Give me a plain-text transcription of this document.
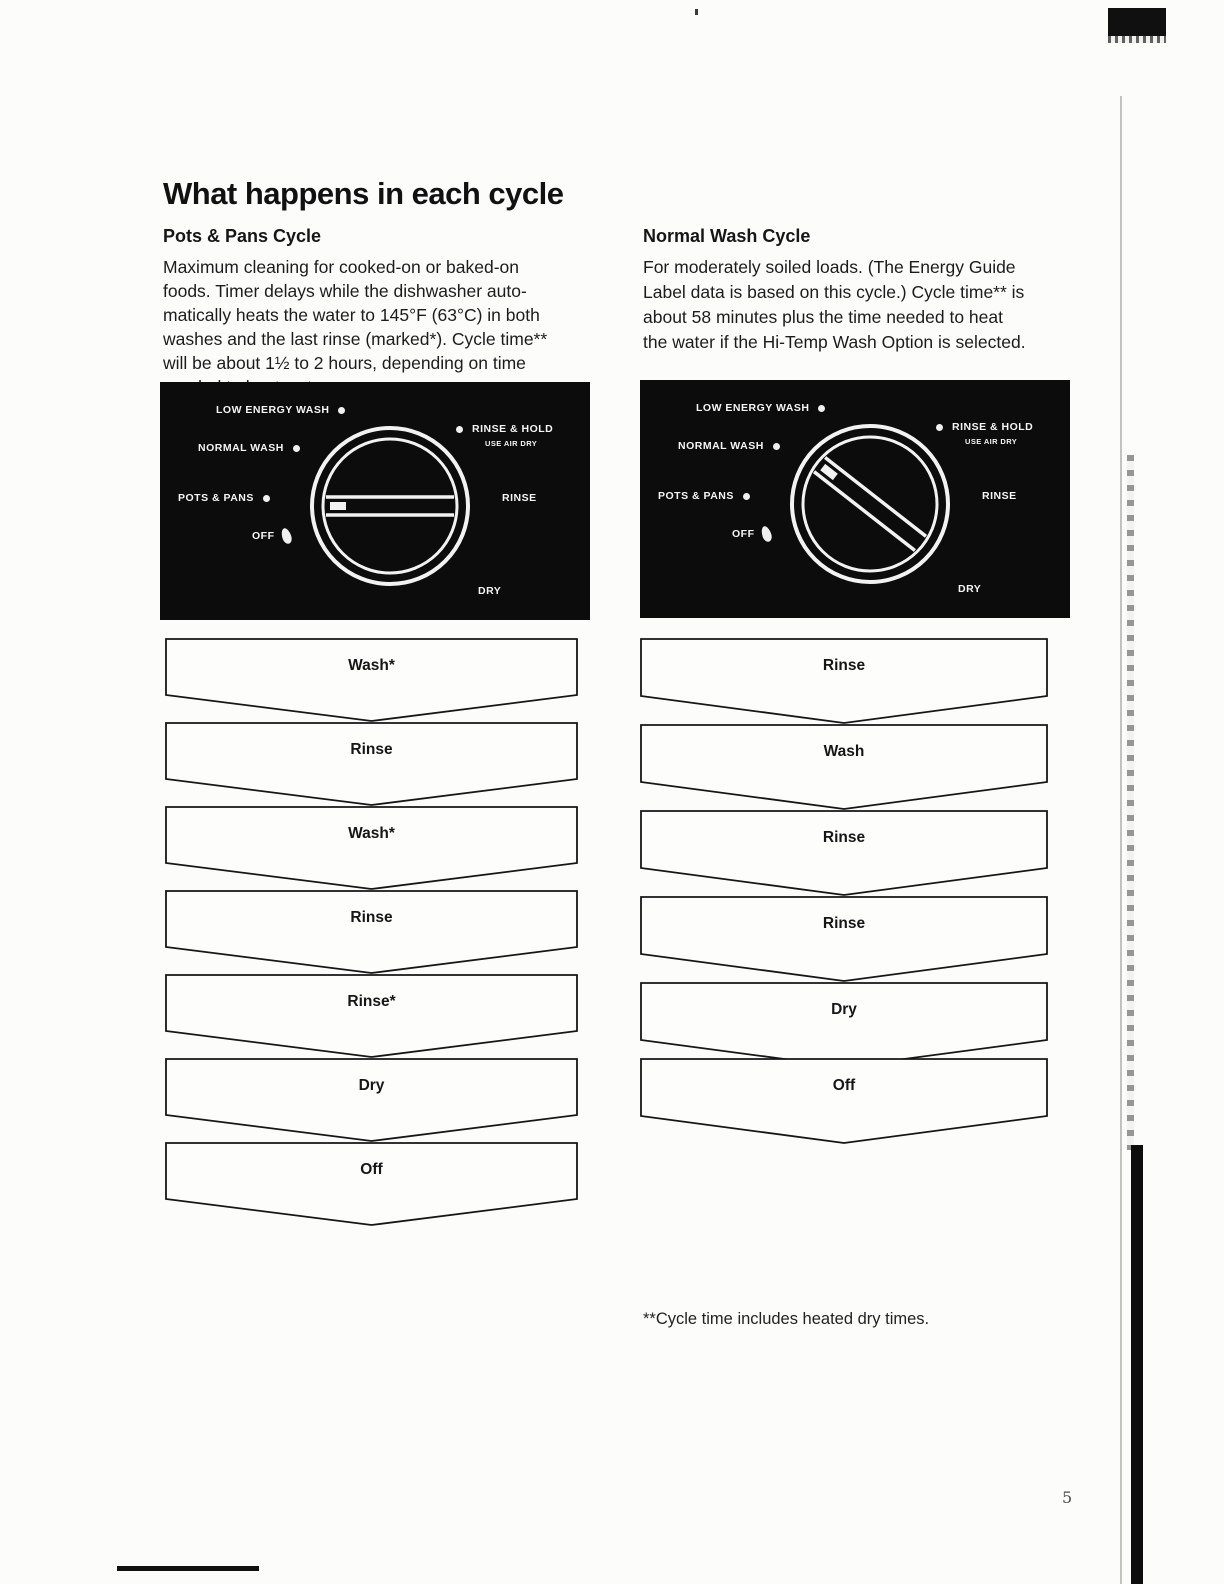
What happens in each cycle
Pots & Pans Cycle
Maximum cleaning for cooked-on or baked-on
foods. Timer delays while the dishwasher auto-
matically heats the water to 145°F (63°C) in both
washes and the last rinse (marked*). Cycle time**
will be about 1½ to 2 hours, depending on time
Normal Wash Cycle
For moderately soiled loads. (The Energy Guide
Label data is based on this cycle.) Cycle time** is
about 58 minutes plus the time needed to heat
the water if the Hi-Temp Wash Option is selected.
LOW ENERGY WASH
NORMAL WASH
POTS & PANS
OFF
RINSE & HOLD
USE AIR DRY
RINSE
DRY
LOW ENERGY WASH
NORMAL WASH
POTS & PANS
OFF
RINSE & HOLD
USE AIR DRY
RINSE
DRY
Wash*
Rinse
Wash*
Rinse
Rinse*
Dry
Off
Rinse
Wash
Rinse
Rinse
Dry
Off
**Cycle time includes heated dry times.
5
